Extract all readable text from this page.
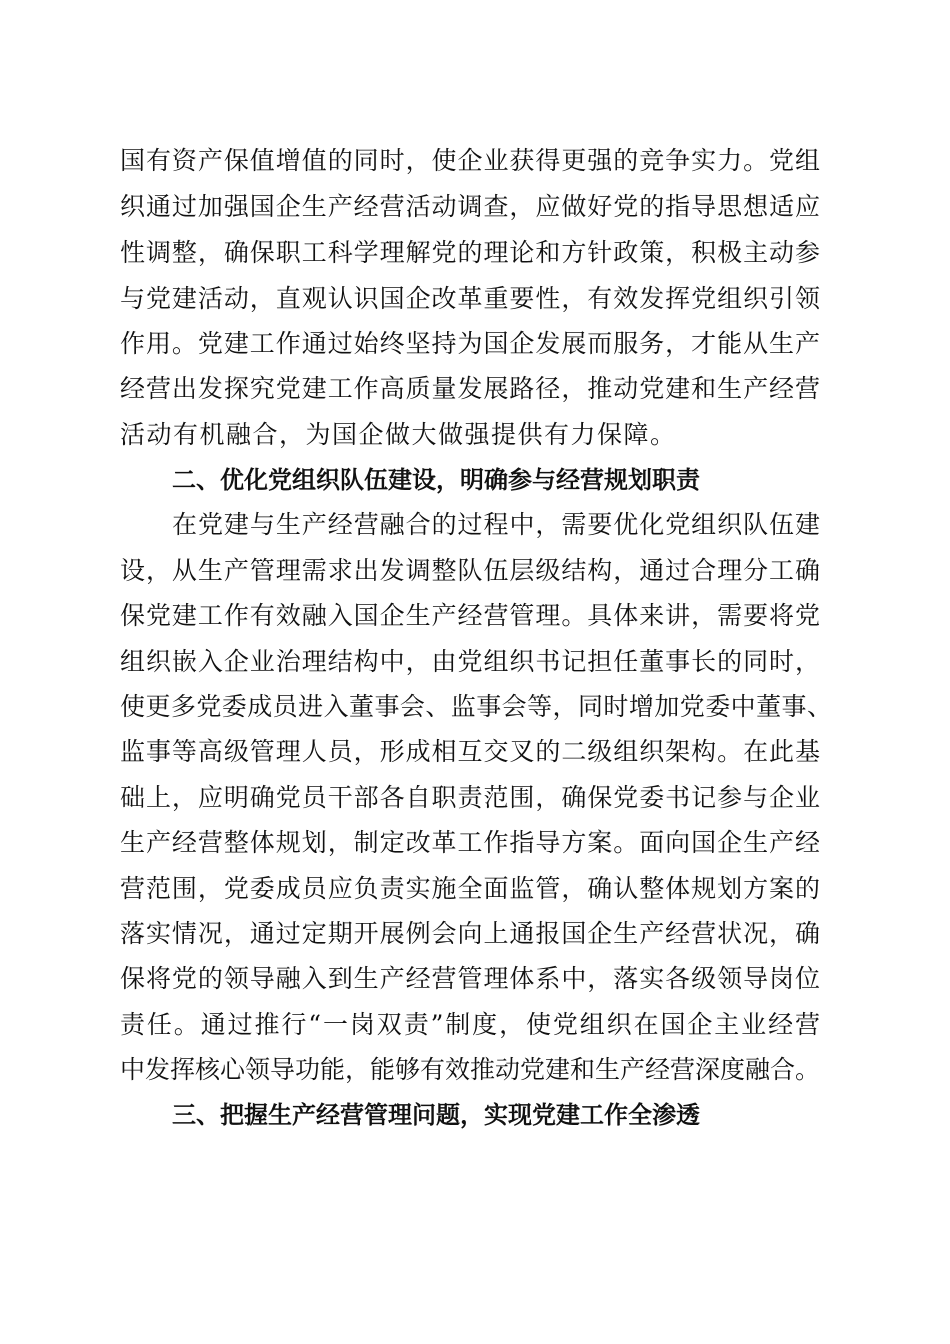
国有资产保值增值的同时，使企业获得更强的竞争实力。党组

织通过加强国企生产经营活动调查，应做好党的指导思想适应

性调整，确保职工科学理解党的理论和方针政策，积极主动参

与党建活动，直观认识国企改革重要性，有效发挥党组织引领

作用。党建工作通过始终坚持为国企发展而服务，才能从生产

经营出发探究党建工作高质量发展路径，推动党建和生产经营

活动有机融合，为国企做大做强提供有力保障。

二、优化党组织队伍建设，明确参与经营规划职责

在党建与生产经营融合的过程中，需要优化党组织队伍建

设，从生产管理需求出发调整队伍层级结构，通过合理分工确

保党建工作有效融入国企生产经营管理。具体来讲，需要将党

组织嵌入企业治理结构中，由党组织书记担任董事长的同时，

使更多党委成员进入董事会、监事会等，同时增加党委中董事、

监事等高级管理人员，形成相互交叉的二级组织架构。在此基

础上，应明确党员干部各自职责范围，确保党委书记参与企业

生产经营整体规划，制定改革工作指导方案。面向国企生产经

营范围，党委成员应负责实施全面监管，确认整体规划方案的

落实情况，通过定期开展例会向上通报国企生产经营状况，确

保将党的领导融入到生产经营管理体系中，落实各级领导岗位

责任。通过推行“一岗双责”制度，使党组织在国企主业经营

中发挥核心领导功能，能够有效推动党建和生产经营深度融合。

三、把握生产经营管理问题，实现党建工作全渗透
